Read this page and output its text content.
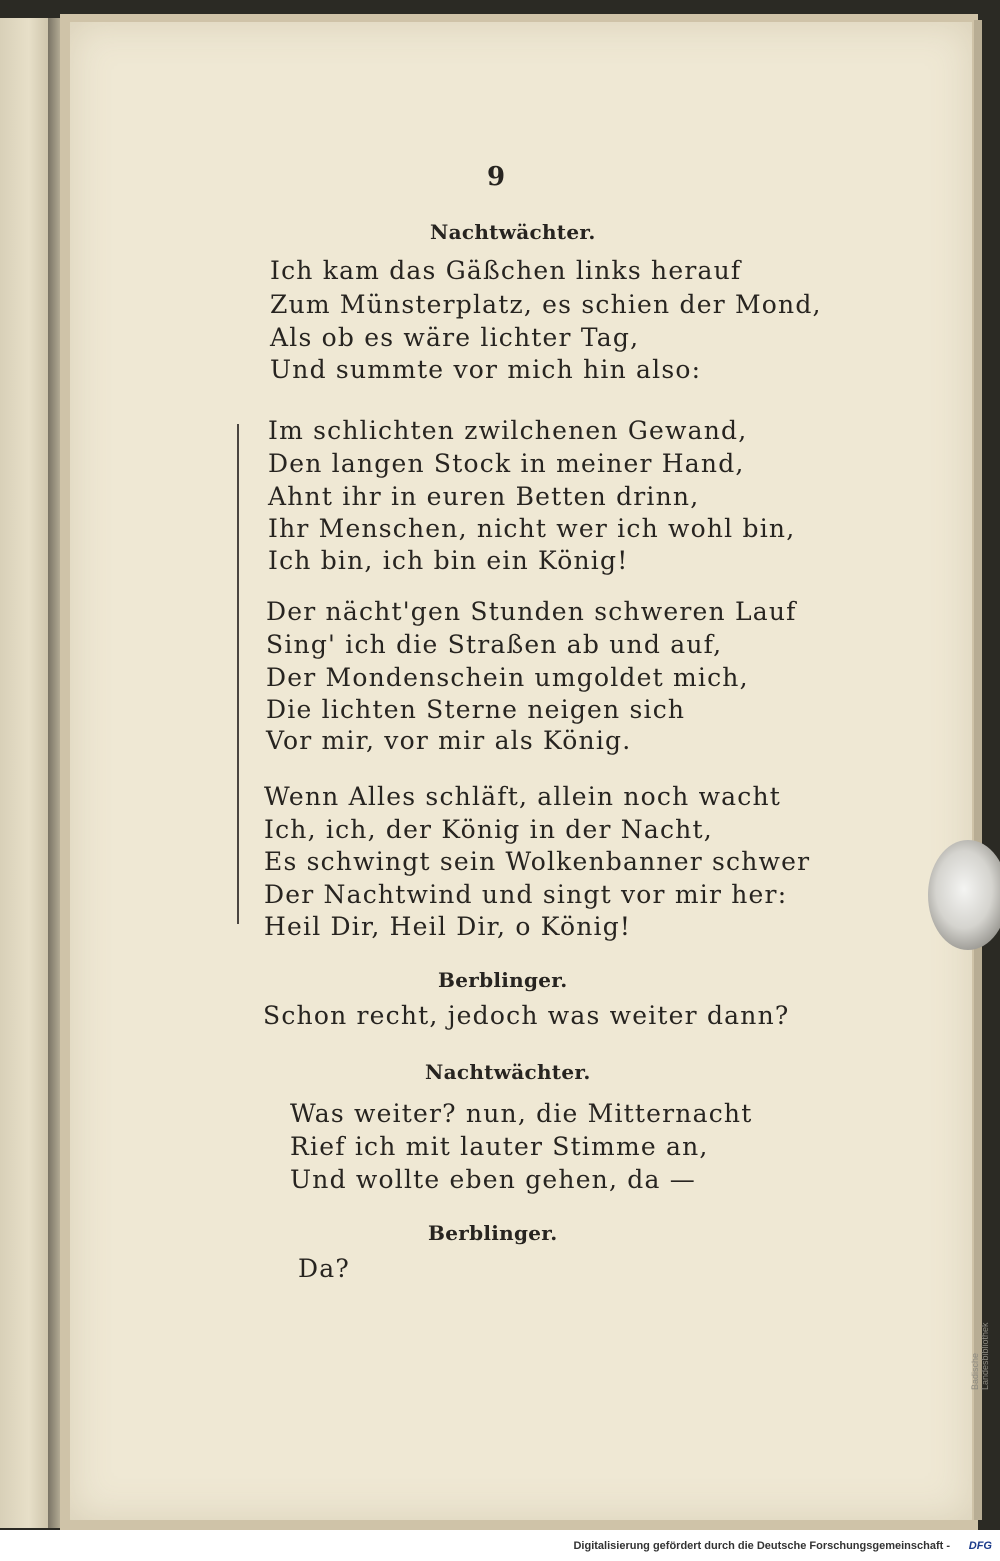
9
Nachtwächter.
Ich kam das Gäßchen links herauf
Zum Münsterplatz, es schien der Mond,
Als ob es wäre lichter Tag,
Und summte vor mich hin also:
Im schlichten zwilchenen Gewand,
Den langen Stock in meiner Hand,
Ahnt ihr in euren Betten drinn,
Ihr Menschen, nicht wer ich wohl bin,
Ich bin, ich bin ein König!
Der nächt'gen Stunden schweren Lauf
Sing' ich die Straßen ab und auf,
Der Mondenschein umgoldet mich,
Die lichten Sterne neigen sich
Vor mir, vor mir als König.
Wenn Alles schläft, allein noch wacht
Ich, ich, der König in der Nacht,
Es schwingt sein Wolkenbanner schwer
Der Nachtwind und singt vor mir her:
Heil Dir, Heil Dir, o König!
Berblinger.
Schon recht, jedoch was weiter dann?
Nachtwächter.
Was weiter? nun, die Mitternacht
Rief ich mit lauter Stimme an,
Und wollte eben gehen, da —
Berblinger.
Da?
Badische Landesbibliothek
Digitalisierung gefördert durch die Deutsche Forschungsgemeinschaft - DFG
